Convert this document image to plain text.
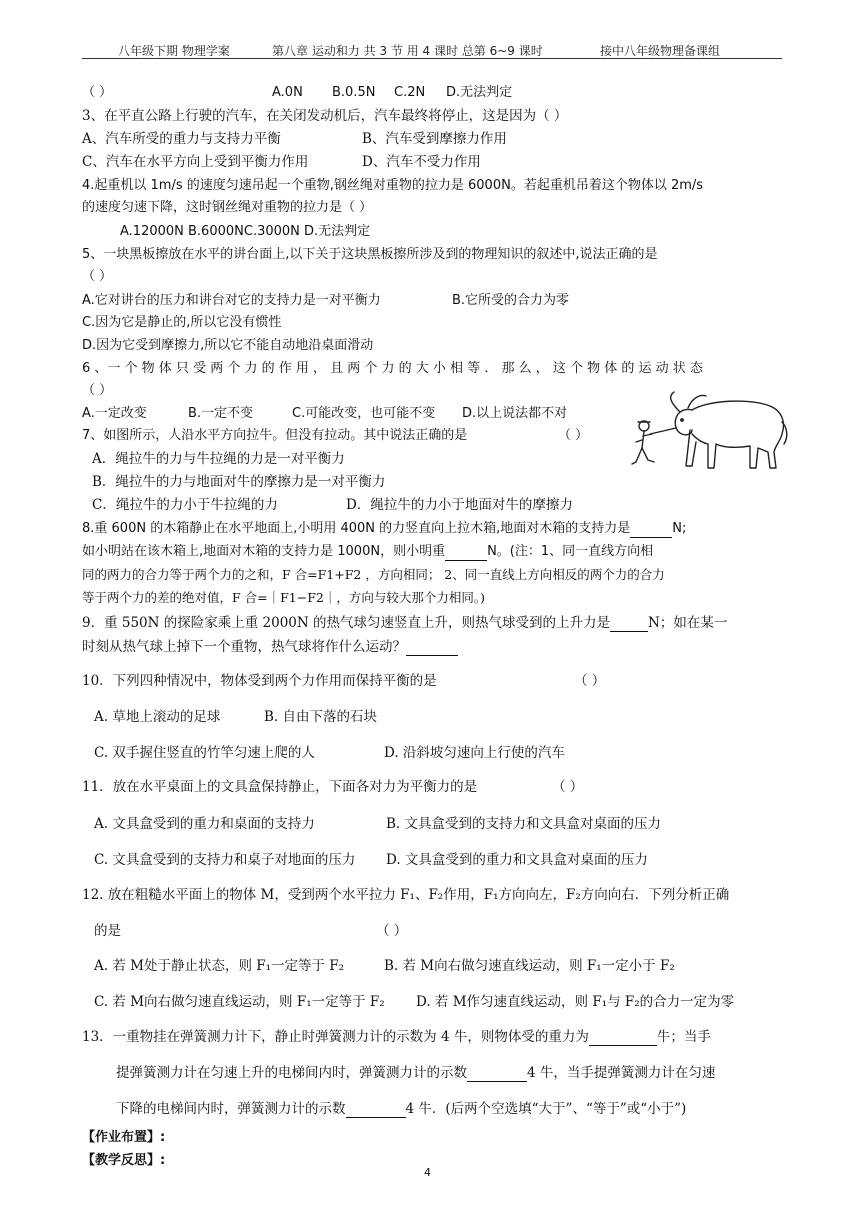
八年级下期 物理学案	第八章 运动和力 共 3 节 用 4 课时 总第 6~9 课时	接中八年级物理备课组
（ ）	A.0N B.0.5N C.2N D.无法判定
3、在平直公路上行驶的汽车，在关闭发动机后，汽车最终将停止，这是因为（ ）
A、汽车所受的重力与支持力平衡	B、汽车受到摩擦力作用
C、汽车在水平方向上受到平衡力作用	D、汽车不受力作用
4.起重机以 1m/s 的速度匀速吊起一个重物,钢丝绳对重物的拉力是 6000N。若起重机吊着这个物体以 2m/s
的速度匀速下降，这时钢丝绳对重物的拉力是（ ）
A.12000N B.6000NC.3000N D.无法判定
5、一块黑板擦放在水平的讲台面上,以下关于这块黑板擦所涉及到的物理知识的叙述中,说法正确的是
（ ）
A.它对讲台的压力和讲台对它的支持力是一对平衡力	B.它所受的合力为零
C.因为它是静止的,所以它没有惯性
D.因为它受到摩擦力,所以它不能自动地沿桌面滑动
6 、一 个 物 体 只 受 两 个 力 的 作 用 ， 且 两 个 力 的 大 小 相 等 ． 那 么 ， 这 个 物 体 的 运 动 状 态
（ ）
A.一定改变	B.一定不变	C.可能改变，也可能不变 D.以上说法都不对
7、如图所示，人沿水平方向拉牛。但没有拉动。其中说法正确的是	（ ）
A．绳拉牛的力与牛拉绳的力是一对平衡力
B．绳拉牛的力与地面对牛的摩擦力是一对平衡力
C．绳拉牛的力小于牛拉绳的力	D．绳拉牛的力小于地面对牛的摩擦力
8.重 600N 的木箱静止在水平地面上,小明用 400N 的力竖直向上拉木箱,地面对木箱的支持力是	N;
如小明站在该木箱上,地面对木箱的支持力是 1000N，则小明重	N。(注：1、同一直线方向相
同的两力的合力等于两个力的之和，F 合=F1+F2 ，方向相同； 2、同一直线上方向相反的两个力的合力
等于两个力的差的绝对值，F 合=｜F1−F2｜，方向与较大那个力相同。)
9．重 550N 的探险家乘上重 2000N 的热气球匀速竖直上升，则热气球受到的上升力是	N；如在某一
时刻从热气球上掉下一个重物，热气球将作什么运动？
10．下列四种情况中，物体受到两个力作用而保持平衡的是	（ ）
A. 草地上滚动的足球	B. 自由下落的石块
C. 双手握住竖直的竹竿匀速上爬的人	D. 沿斜坡匀速向上行使的汽车
11．放在水平桌面上的文具盒保持静止，下面各对力为平衡力的是	（ ）
A. 文具盒受到的重力和桌面的支持力	B. 文具盒受到的支持力和文具盒对桌面的压力
C. 文具盒受到的支持力和桌子对地面的压力 D. 文具盒受到的重力和文具盒对桌面的压力
12. 放在粗糙水平面上的物体 M，受到两个水平拉力 F₁、F₂作用，F₁方向向左，F₂方向向右．下列分析正确
的是	（ ）
A. 若 M处于静止状态，则 F₁一定等于 F₂	B. 若 M向右做匀速直线运动，则 F₁一定小于 F₂
C. 若 M向右做匀速直线运动，则 F₁一定等于 F₂ D. 若 M作匀速直线运动，则 F₁与 F₂的合力一定为零
13．一重物挂在弹簧测力计下，静止时弹簧测力计的示数为 4 牛，则物体受的重力为	牛；当手
提弹簧测力计在匀速上升的电梯间内时，弹簧测力计的示数	4 牛，当手提弹簧测力计在匀速
下降的电梯间内时，弹簧测力计的示数	4 牛．(后两个空选填“大于”、“等于”或“小于”)
【作业布置】:
【教学反思】:
4
